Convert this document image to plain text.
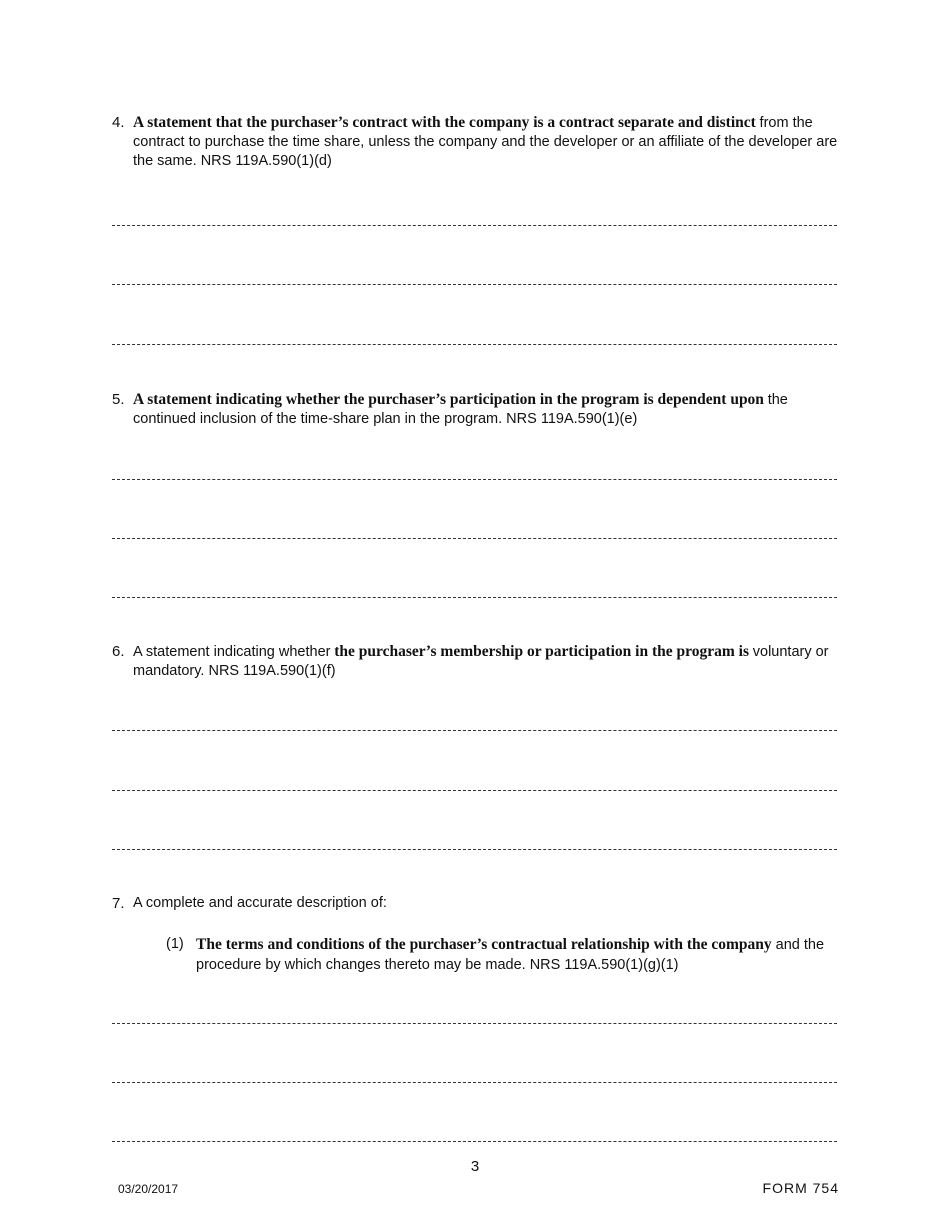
4. A statement that the purchaser’s contract with the company is a contract separate and distinct from the contract to purchase the time share, unless the company and the developer or an affiliate of the developer are the same. NRS 119A.590(1)(d)
5. A statement indicating whether the purchaser’s participation in the program is dependent upon the continued inclusion of the time-share plan in the program. NRS 119A.590(1)(e)
6. A statement indicating whether the purchaser’s membership or participation in the program is voluntary or mandatory. NRS 119A.590(1)(f)
7. A complete and accurate description of:
(1) The terms and conditions of the purchaser’s contractual relationship with the company and the procedure by which changes thereto may be made. NRS 119A.590(1)(g)(1)
3
03/20/2017	FORM 754
